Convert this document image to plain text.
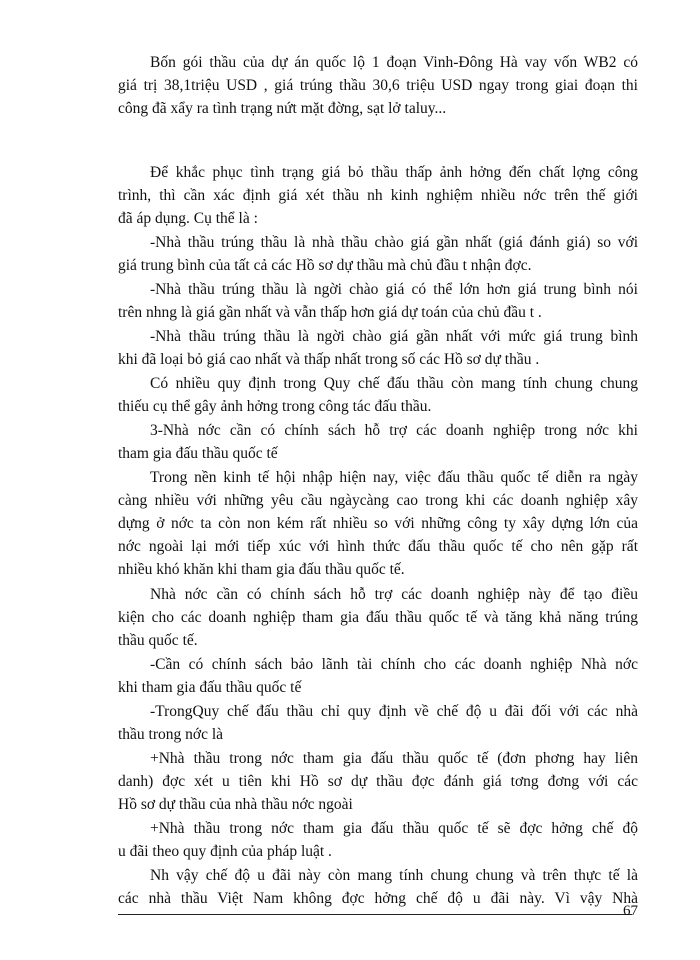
Bốn gói thầu của dự án quốc lộ 1 đoạn Vinh-Đông Hà vay vốn WB2 có
giá trị 38,1triệu USD , giá trúng thầu 30,6 triệu USD ngay trong giai đoạn thi
công đã xẩy ra tình trạng nứt mặt đờng, sạt lở taluy...
Để khắc phục tình trạng giá bỏ thầu thấp ảnh hởng đến chất lợng công
trình, thì cần xác định giá xét thầu nh kinh nghiệm nhiều nớc trên thế giới
đã áp dụng. Cụ thể là :
-Nhà thầu trúng thầu là nhà thầu chào giá gần nhất (giá đánh giá) so với
giá trung bình của tất cả các Hồ sơ dự thầu mà chủ đầu t nhận đợc.
-Nhà thầu trúng thầu là ngời chào giá có thể lớn hơn giá trung bình nói
trên nhng là giá gần nhất và vẫn thấp hơn giá dự toán của chủ đầu t .
-Nhà thầu trúng thầu là ngời chào giá gần nhất với mức giá trung bình
khi đã loại bỏ giá cao nhất và thấp nhất trong số các Hồ sơ dự thầu .
Có nhiều quy định trong Quy chế đấu thầu còn mang tính chung chung
thiếu cụ thể gây ảnh hởng trong công tác đấu thầu.
3-Nhà nớc cần có chính sách hỗ trợ các doanh nghiệp trong nớc khi
tham gia đấu thầu quốc tế
Trong nền kinh tế hội nhập hiện nay, việc đấu thầu quốc tế diễn ra ngày
càng nhiều với những yêu cầu ngàycàng cao trong khi các doanh nghiệp xây
dựng ở nớc ta còn non kém rất nhiều so với những công ty xây dựng lớn của
nớc ngoài lại mới tiếp xúc với hình thức đấu thầu quốc tế cho nên gặp rất
nhiều khó khăn khi tham gia đấu thầu quốc tế.
Nhà nớc cần có chính sách hỗ trợ các doanh nghiệp này để tạo điều
kiện cho các doanh nghiệp tham gia đấu thầu quốc tế và tăng khả năng trúng
thầu quốc tế.
-Cần có chính sách bảo lãnh tài chính cho các doanh nghiệp Nhà nớc
khi tham gia đấu thầu quốc tế
-TrongQuy chế đấu thầu chỉ quy định về chế độ u đãi đối với các nhà
thầu trong nớc là
+Nhà thầu trong nớc tham gia đấu thầu quốc tế (đơn phơng hay liên
danh) đợc xét u tiên khi Hồ sơ dự thầu đợc đánh giá tơng đơng với các
Hồ sơ dự thầu của nhà thầu nớc ngoài
+Nhà thầu trong nớc tham gia đấu thầu quốc tế sẽ đợc hởng chế độ
u đãi theo quy định của pháp luật .
Nh vậy chế độ u đãi này còn mang tính chung chung và trên thực tế là
các nhà thầu Việt Nam không đợc hởng chế độ u đãi này. Vì vậy Nhà
67
